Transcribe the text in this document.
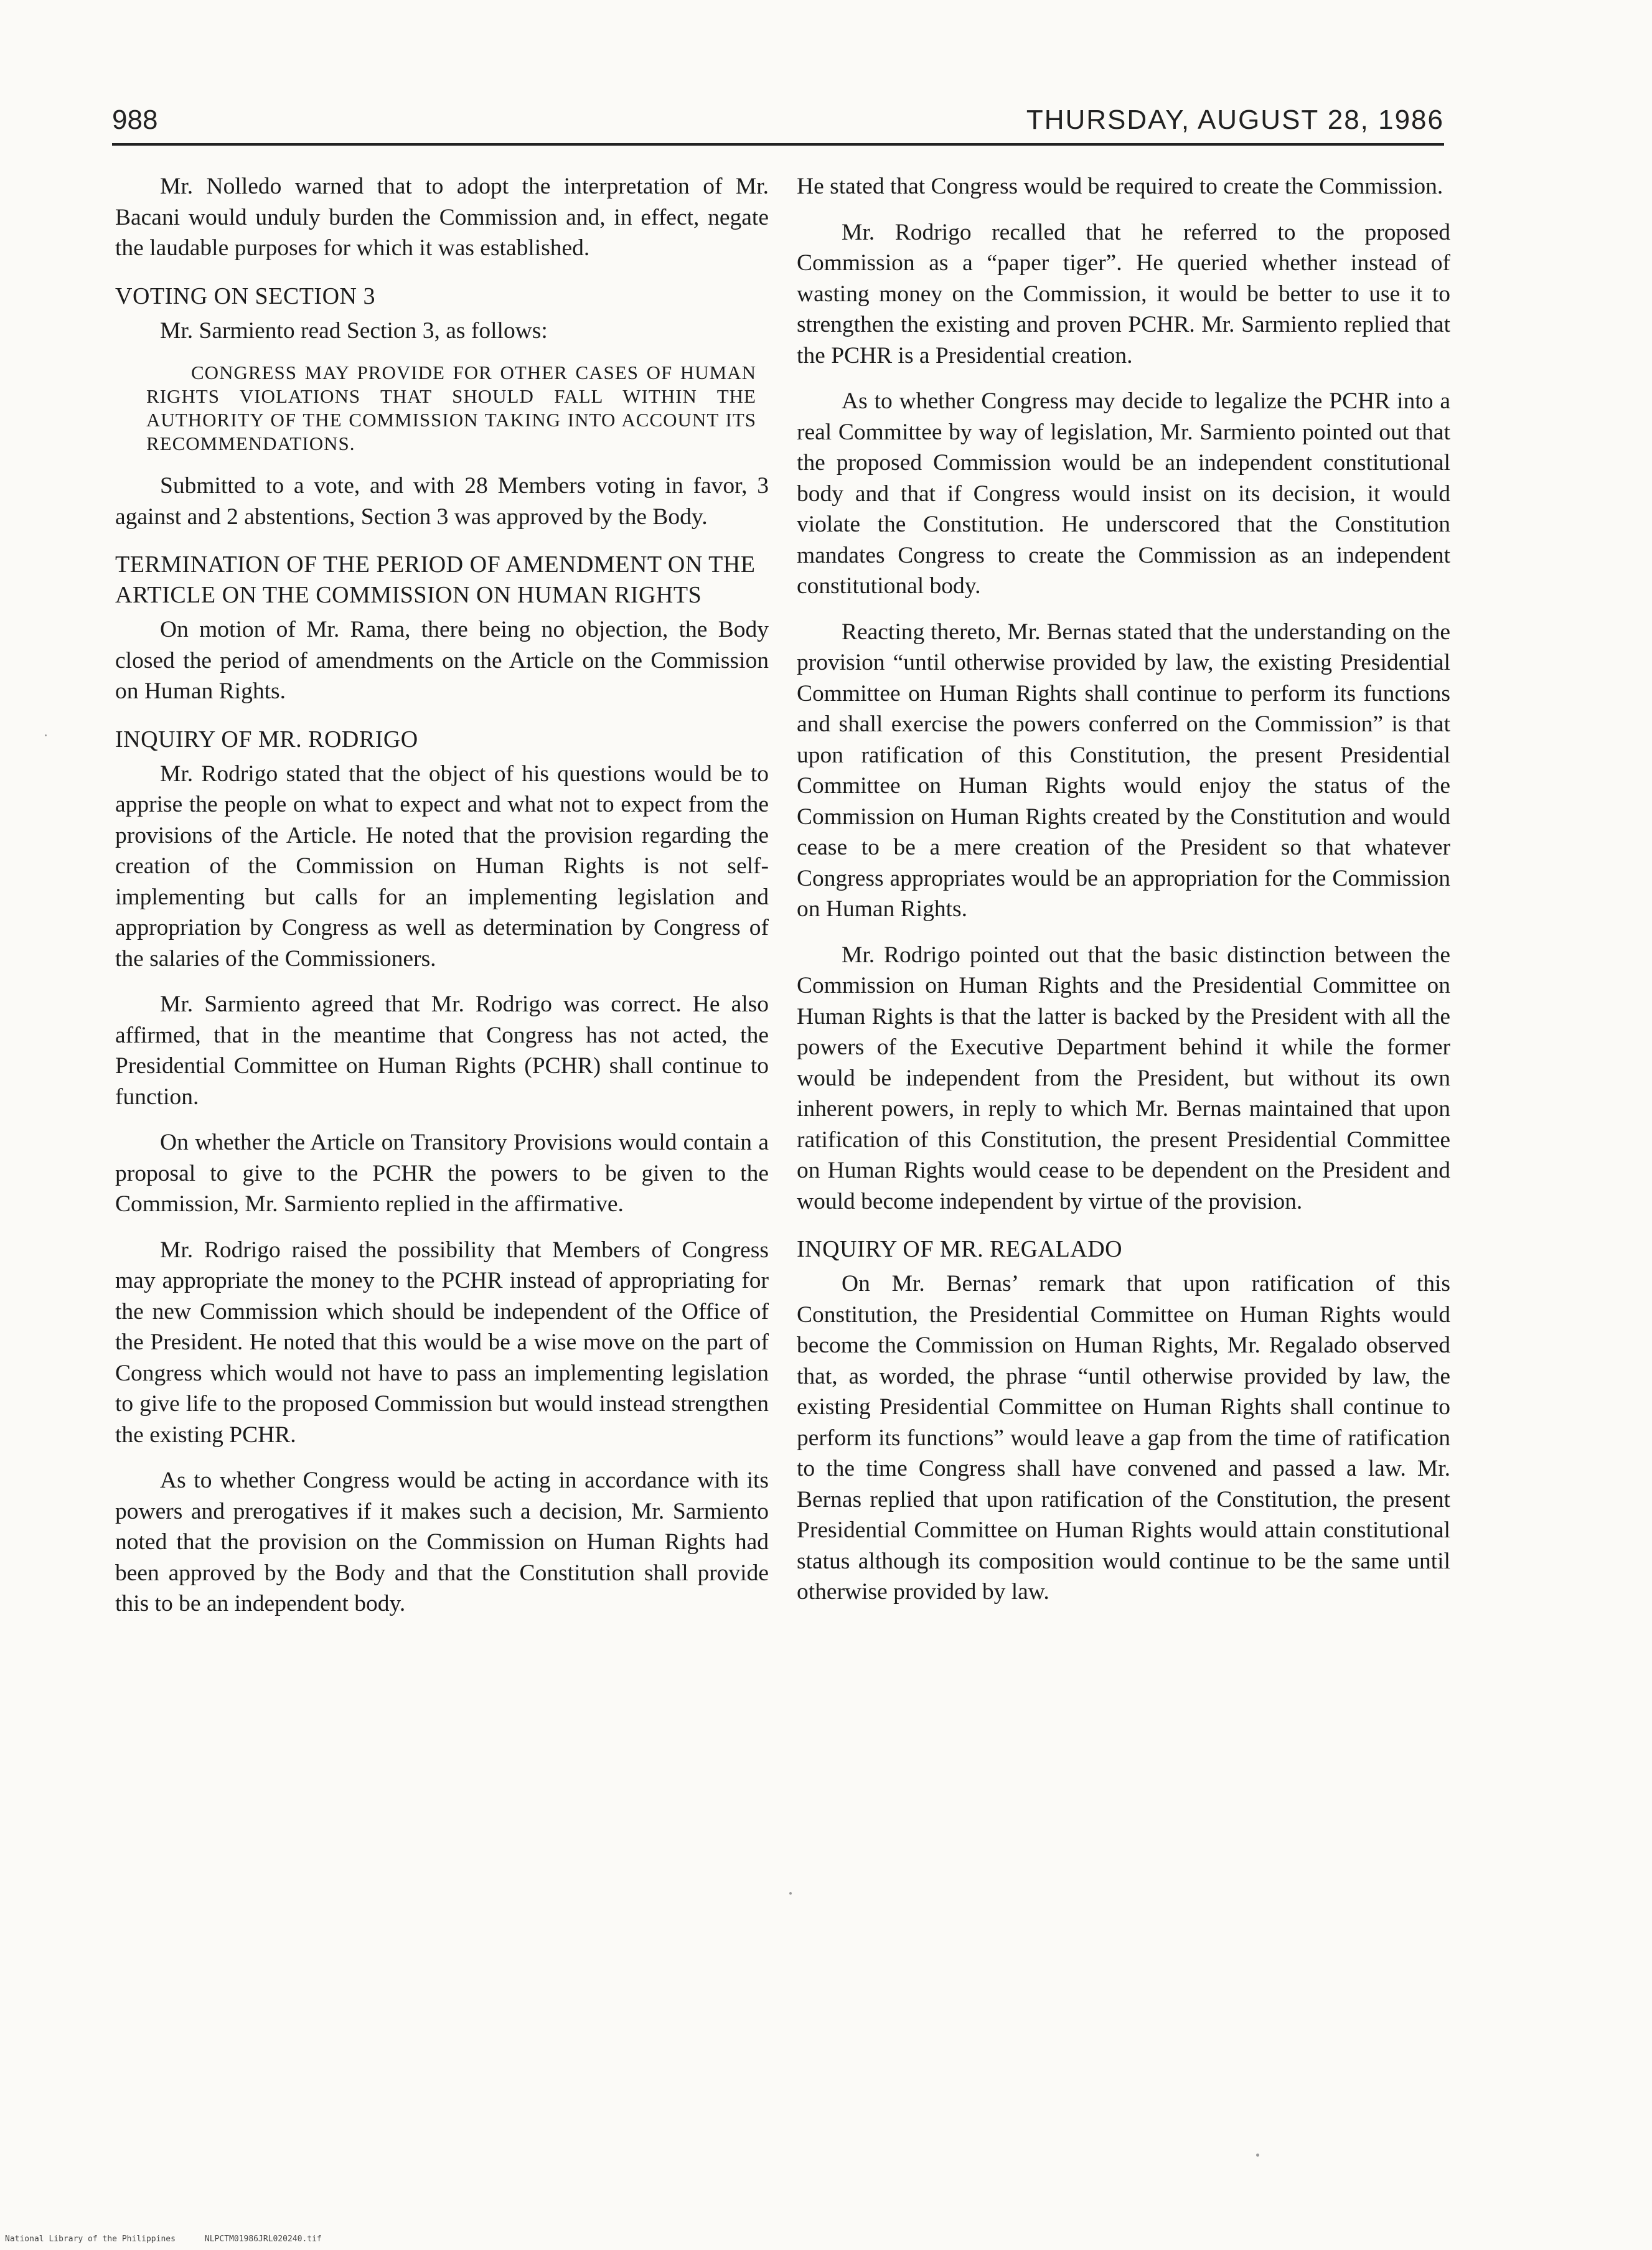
988	THURSDAY, AUGUST 28, 1986

Mr. Nolledo warned that to adopt the interpretation of Mr. Bacani would unduly burden the Commission and, in effect, negate the laudable purposes for which it was established.

VOTING ON SECTION 3

Mr. Sarmiento read Section 3, as follows:

CONGRESS MAY PROVIDE FOR OTHER CASES OF HUMAN RIGHTS VIOLATIONS THAT SHOULD FALL WITHIN THE AUTHORITY OF THE COMMISSION TAKING INTO ACCOUNT ITS RECOMMENDATIONS.

Submitted to a vote, and with 28 Members voting in favor, 3 against and 2 abstentions, Section 3 was approved by the Body.

TERMINATION OF THE PERIOD OF AMENDMENT ON THE ARTICLE ON THE COMMISSION ON HUMAN RIGHTS

On motion of Mr. Rama, there being no objection, the Body closed the period of amendments on the Article on the Commission on Human Rights.

INQUIRY OF MR. RODRIGO

Mr. Rodrigo stated that the object of his questions would be to apprise the people on what to expect and what not to expect from the provisions of the Article. He noted that the provision regarding the creation of the Commission on Human Rights is not self-implementing but calls for an implementing legislation and appropriation by Congress as well as determination by Congress of the salaries of the Commissioners.

Mr. Sarmiento agreed that Mr. Rodrigo was correct. He also affirmed, that in the meantime that Congress has not acted, the Presidential Committee on Human Rights (PCHR) shall continue to function.

On whether the Article on Transitory Provisions would contain a proposal to give to the PCHR the powers to be given to the Commission, Mr. Sarmiento replied in the affirmative.

Mr. Rodrigo raised the possibility that Members of Congress may appropriate the money to the PCHR instead of appropriating for the new Commission which should be independent of the Office of the President. He noted that this would be a wise move on the part of Congress which would not have to pass an implementing legislation to give life to the proposed Commission but would instead strengthen the existing PCHR.

As to whether Congress would be acting in accordance with its powers and prerogatives if it makes such a decision, Mr. Sarmiento noted that the provision on the Commission on Human Rights had been approved by the Body and that the Constitution shall provide this to be an independent body.

He stated that Congress would be required to create the Commission.

Mr. Rodrigo recalled that he referred to the proposed Commission as a “paper tiger”. He queried whether instead of wasting money on the Commission, it would be better to use it to strengthen the existing and proven PCHR. Mr. Sarmiento replied that the PCHR is a Presidential creation.

As to whether Congress may decide to legalize the PCHR into a real Committee by way of legislation, Mr. Sarmiento pointed out that the proposed Commission would be an independent constitutional body and that if Congress would insist on its decision, it would violate the Constitution. He underscored that the Constitution mandates Congress to create the Commission as an independent constitutional body.

Reacting thereto, Mr. Bernas stated that the understanding on the provision “until otherwise provided by law, the existing Presidential Committee on Human Rights shall continue to perform its functions and shall exercise the powers conferred on the Commission” is that upon ratification of this Constitution, the present Presidential Committee on Human Rights would enjoy the status of the Commission on Human Rights created by the Constitution and would cease to be a mere creation of the President so that whatever Congress appropriates would be an appropriation for the Commission on Human Rights.

Mr. Rodrigo pointed out that the basic distinction between the Commission on Human Rights and the Presidential Committee on Human Rights is that the latter is backed by the President with all the powers of the Executive Department behind it while the former would be independent from the President, but without its own inherent powers, in reply to which Mr. Bernas maintained that upon ratification of this Constitution, the present Presidential Committee on Human Rights would cease to be dependent on the President and would become independent by virtue of the provision.

INQUIRY OF MR. REGALADO

On Mr. Bernas’ remark that upon ratification of this Constitution, the Presidential Committee on Human Rights would become the Commission on Human Rights, Mr. Regalado observed that, as worded, the phrase “until otherwise provided by law, the existing Presidential Committee on Human Rights shall continue to perform its functions” would leave a gap from the time of ratification to the time Congress shall have convened and passed a law. Mr. Bernas replied that upon ratification of the Constitution, the present Presidential Committee on Human Rights would attain constitutional status although its composition would continue to be the same until otherwise provided by law.

National Library of the Philippines	NLPCTM01986JRL020240.tif
